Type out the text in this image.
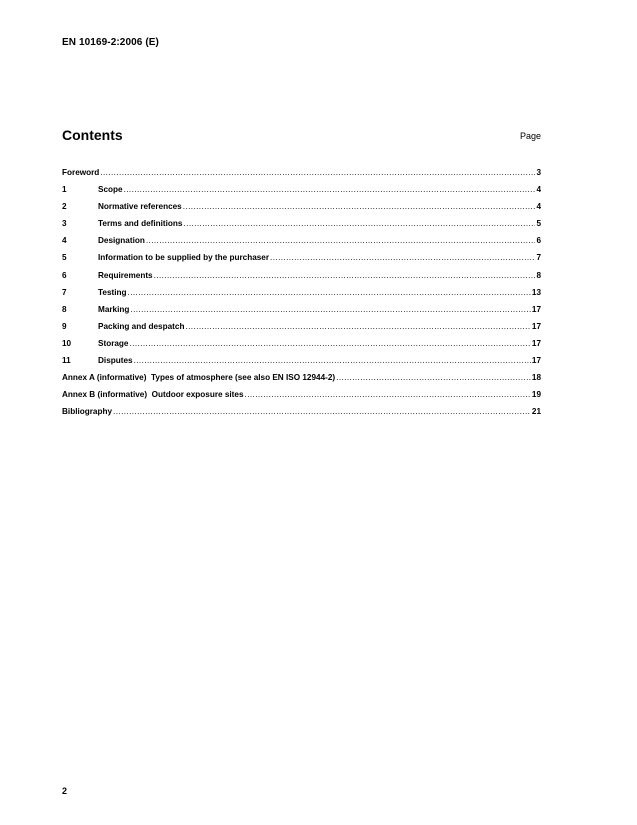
EN 10169-2:2006 (E)
Contents	Page
Foreword .....	3
1	Scope .....	4
2	Normative references .....	4
3	Terms and definitions .....	5
4	Designation .....	6
5	Information to be supplied by the purchaser .....	7
6	Requirements .....	8
7	Testing .....	13
8	Marking .....	17
9	Packing and despatch .....	17
10	Storage .....	17
11	Disputes .....	17
Annex A (informative)  Types of atmosphere (see also EN ISO 12944-2) .....	18
Annex B (informative)  Outdoor exposure sites .....	19
Bibliography .....	21
2
